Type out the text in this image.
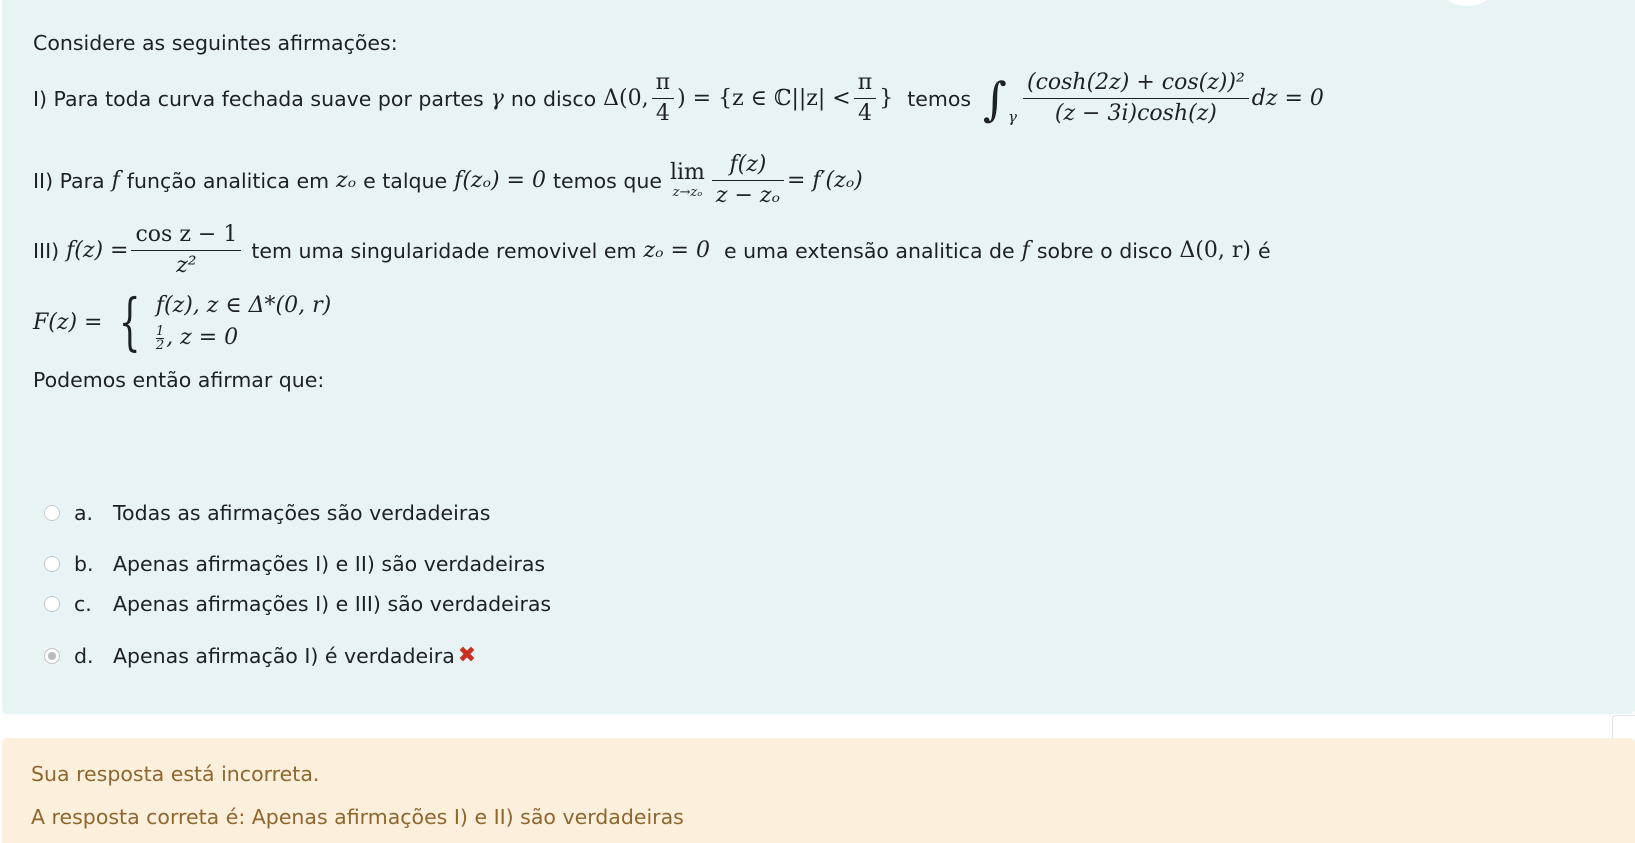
Considere as seguintes afirmações:
I) Para toda curva fechada suave por partes γ no disco Δ(0, $\frac{\pi}{4}$ ) = {z ∈ ℂ||z| < $\frac{\pi}{4}$ } temos ∫ γ $\frac{\text{(cosh(2z) + cos(z))²}}{(z - 3i)\cosh(z)}$ dz = 0
II) Para f função analitica em zₒ e talque f(zₒ) = 0 temos que lim
$z\to z_o \frac{f(z)}{\text{z − zₒ}} = f'(z_o)$
III) $f(z) = \frac{\text{cos z − 1}}{\text{z²}}$ tem uma singularidade removivel em zₒ = 0 e uma extensão analitica de f sobre o disco Δ(0, r) é
F(z) = { f(z), z ∈ Δ*(0, r)
$\frac{1}{2}$ , z = 0
Podemos então afirmar que:
a. Todas as afirmações são verdadeiras
b. Apenas afirmações I) e II) são verdadeiras
c.	Apenas afirmações I) e III) são verdadeiras
d. Apenas afirmação I) é verdadeira ✖
Sua resposta está incorreta.
A resposta correta é: Apenas afirmações I) e II) são verdadeiras
